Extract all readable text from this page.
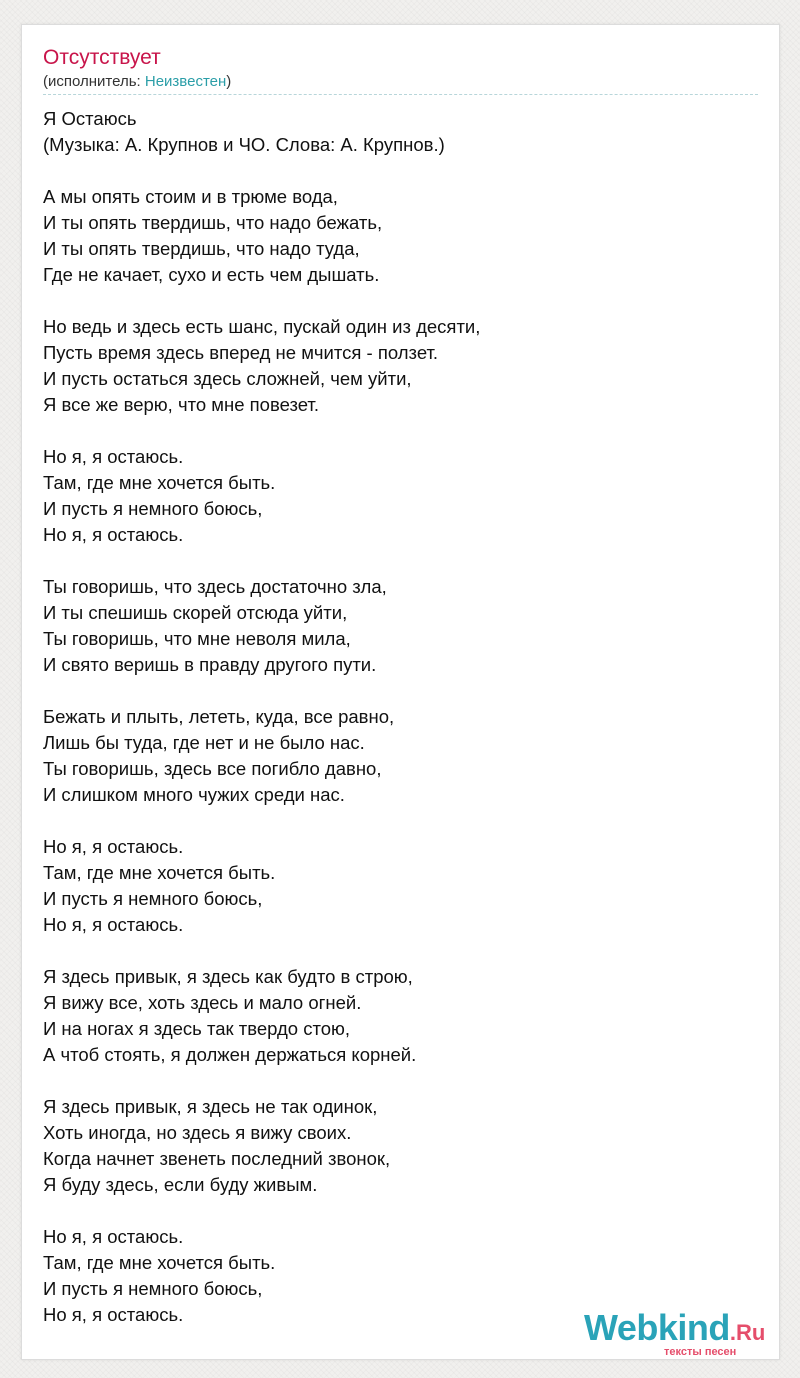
Отсутствует
(исполнитель: Неизвестен)
Я Остаюсь
(Музыка: А. Крупнов и ЧО. Слова: А. Крупнов.)
А мы опять стоим и в трюме вода,
И ты опять твердишь, что надо бежать,
И ты опять твердишь, что надо туда,
Где не качает, сухо и есть чем дышать.
Но ведь и здесь есть шанс, пускай один из десяти,
Пусть время здесь вперед не мчится - ползет.
И пусть остаться здесь сложней, чем уйти,
Я все же верю, что мне повезет.
Но я, я остаюсь.
Там, где мне хочется быть.
И пусть я немного боюсь,
Но я, я остаюсь.
Ты говоришь, что здесь достаточно зла,
И ты спешишь скорей отсюда уйти,
Ты говоришь, что мне неволя мила,
И свято веришь в правду другого пути.
Бежать и плыть, лететь, куда, все равно,
Лишь бы туда, где нет и не было нас.
Ты говоришь, здесь все погибло давно,
И слишком много чужих среди нас.
Но я, я остаюсь.
Там, где мне хочется быть.
И пусть я немного боюсь,
Но я, я остаюсь.
Я здесь привык, я здесь как будто в строю,
Я вижу все, хоть здесь и мало огней.
И на ногах я здесь так твердо стою,
А чтоб стоять, я должен держаться корней.
Я здесь привык, я здесь не так одинок,
Хоть иногда, но здесь я вижу своих.
Когда начнет звенеть последний звонок,
Я буду здесь, если буду живым.
Но я, я остаюсь.
Там, где мне хочется быть.
И пусть я немного боюсь,
Но я, я остаюсь.	Webkind.Ru
тексты песен
